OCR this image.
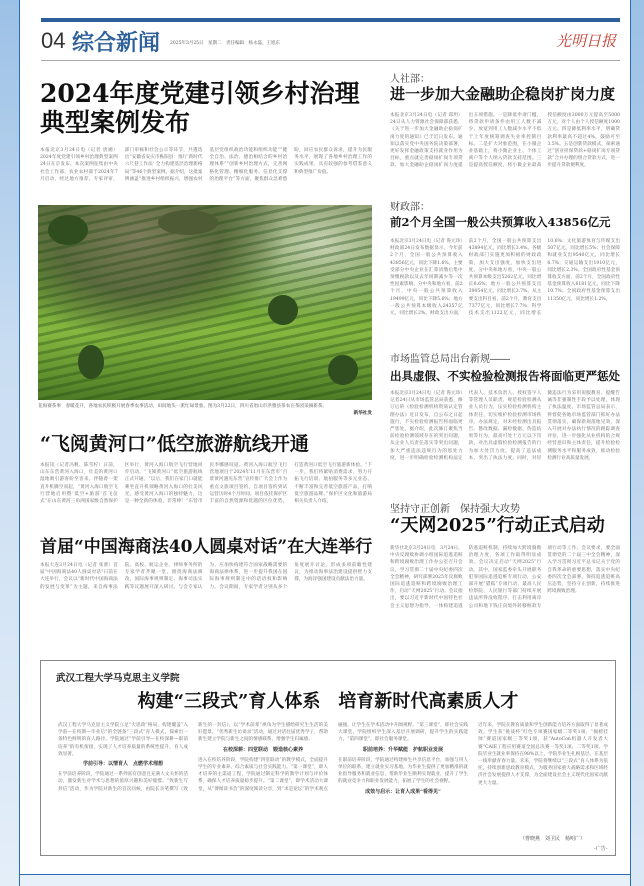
04 综合新闻 2025年3月25日　星期二　责任编辑：杨永磊、王旭东	光明日报
2024年度党建引领乡村治理
典型案例发布
本报北京3月24日电（记者 唐湘）2024年度党建引领乡村治理典型案例24日在京发布。本次案例征集由中央社会工作部、农业农村部于2024年7月启动，经过地方推荐、专家评审、部门审核和社会公示等环节，共遴选出“安徽省安庆市枞阳县：推行‘新时代六尺巷工作法’ 全力构建基层治理新格局”等46个典型案例。据介绍，这批案例涵盖“推进乡村组织振兴，增强农村基层党组织政治功能和组织功能”“健全自治、法治、德治相结合的乡村治理体系”“创新乡村治理方式，完善网格化管理、精细化服务、信息化支撑的治理平台”等方面，聚焦群众急难愁盼，回应农民群众诉求，提升为民服务水平，展现了各地乡村治理工作的实践成果，具有较强的参考借鉴意义和典型推广价值。
花海赛茶事　春暖花开，各地农民积极开展春季农事活动，田间地头一派忙碌景象。图为3月22日，四川省眉山市洪雅县茶农在茶园采摘新茶。
新华社发
“飞阅黄河口”低空旅游航线开通
本报讯（记者冯帆、陈雪柠）日前，山东东营黄河入海口，壮美的黄河口湿地吸引游客纷至沓来。伴随着一架直升机腾空而起，“黄河入海口航空飞行营地启用暨‘低空+旅游’首飞仪式”在山东黄河三角洲国家级自然保护区举行，黄河入海口航空飞行营地同步启动，“飞阅黄河口”低空旅游航线正式开通。“以后，我们在家门口就能乘坐直升机领略黄河入海口的壮美风光，感受黄河入海口的独特魅力，这是一种全新的体验，非常棒！”东营市民李娜感叹道。黄河入海口航空飞行营地项目于2024年11月在东营市“百景黄河遇见东营”宣传推广大会上作为重点文旅项目签约，自项目签约到试运营历时4个月时间。项目依托保护区丰富的自然资源和优越的区位优势，打造黄河口低空飞行旅游新体验。“下一步，我们将紧贴消费需求，努力开拓飞行培训、航拍服务等多元业态，不断丰富和完善低空旅游产品，打响低空旅游品牌。”保护区文化和旅游局相关负责人介绍。
首届“中国海商法40人圆桌对话”在大连举行
本报大连3月24日电（记者 张蕾）首届“中国海商法40人圆桌对话”日前在大连举行，会议以“新时代中国海商法的发展与变革”为主题，来自海事法院、高校、航运企业、律师事务所的专家学者齐聚一堂，围绕海商法修改、国际海事规则制定、海事司法实践等议题展开深入研讨。与会专家认为，应加快构建符合国家战略需要的海商法律体系，进一步提升我国在国际海事规则制定中的话语权和影响力。会议期间，专家学者分别从多个角度展开讨论，形成多项前瞻性建议，为推动海事法治建设提供智力支撑，为海洋强国建设贡献法治力量。
人社部：
进一步加大金融助企稳岗扩岗力度
本报北京3月24日电（记者 邱玥）24日从人力资源社会保障部获悉，《关于进一步加大金融助企稳岗扩岗力度的通知》已于近日发布。通知以落实党中央国务院决策部署，更好发挥金融政策支持就业作用为目标，重点就完善稳岗扩岗专项贷款、加大金融助企稳岗扩岗力度提出五项措施。一是降低申请门槛，将贷款申请条件由用工人数不减少，放宽到用工人数减少水平不低于上年度统筹调查失业率控制目标。二是扩大对象范围，在小微企业基础上，将小微企业主、个体工商户等个人纳入贷款支持范围。三是提高授信额度，将小微企业最高授信额度由3000万元提高至5000万元，对个人由个人授信额度1000万元。四是降低利率水平，明确贷款利率最高不超过4%，鼓励可至3.5%。五是创新贷款模式，探索通过“创业担保贷款+稳岗扩岗专项贷款”合并办理的组合贷款方式，进一步提升贷款便利度。
财政部：
前2个月全国一般公共预算收入43856亿元
本报北京3月24日电（记者 鲁元珍）财政部24日发布数据显示，今年前2个月，全国一般公共预算收入43856亿元，同比下降1.6%，主要受部分中央企业在汇算清缴后集中预缴税款以及去年同期减少等一次性因素影响。分中央和地方看，前2个月，中央一般公共预算收入19499亿元，同比下降5.6%；地方一般公共预算本级收入24357亿元，同比增长2%。财政支出方面，前2个月，全国一般公共预算支出43894亿元，同比增长3.4%。各级财政部门实施更加积极的财政政策，加大支出强度，加快支出进度。分中央和地方看，中央一般公共预算本级支出5262亿元，同比增长8.6%；地方一般公共预算支出39054亿元，同比增长3.7%。从主要支出科目看，前2个月，教育支出7377亿元，同比增长7.7%；科学技术支出1122亿元，同比增长10.6%；文化旅游体育与传媒支出507亿元，同比增长5%；社会保障和就业支出9540亿元，同比增长6.7%；交通运输支出1910亿元，同比增长2.3%。全国政府性基金预算收支方面，前2个月，全国政府性基金预算收入6181亿元，同比下降10.7%；全国政府性基金预算支出11350亿元，同比增长1.2%。
市场监管总局出台新规——
出具虚假、不实检验检测报告将面临更严惩处
本报北京3月24日电（记者 鲁元珍）记者24日从市场监管总局获悉，修订后的《检验检测机构资质认定管理办法》近日发布，自公布之日起施行，不实检验检测报告将面临更严惩处。据介绍，此次修订聚焦当前检验检测领域存在的突出问题，从企业人员责任落实等突出问题，加大严重违法违规行为的惩处力度，进一步明确检验检测机构法定代表人、技术负责人、授权签字人等管理人员职责，规范检验检测从业人员行为，压实检验检测机构主体责任，切实维护检验检测市场秩序。办法规定，对未经检测出具报告、篡改数据、漏检数据、伪造结果等行为，最高可处十万元以下罚款，对出具虚假检验检测报告的行为加大处罚力度，提高了违法成本，突出了执法力度。同时，对轻微违法行为采用说服教育、提醒告诫等非强制性手段予以处理，体现了执法温度。市场监管总局表示，将督促各地市场监管部门抓好办法贯彻落实，确保新规落地见效，深入开展对办法执行情况的跟踪调查评估，进一步强化从业机构的合规经营意识和主体责任，提升检验检测服务水平和服务成效，推动检验检测行业高质量发展。
坚持守正创新　保持强大攻势
“天网2025”行动正式启动
新华社北京3月24日电　3月24日，中央反腐败协调小组国际追逃追赃和跨境腐败治理工作办公室召开会议，学习贯彻二十届中央纪委四次全会精神，研究部署2025年反腐败国际追逃追赃和跨境腐败治理工作，启动“天网2025”行动。会议指出，要以习近平新时代中国特色社会主义思想为指导，一体构建追逃防逃追赃机制，持续加大跨境腐败治理力度，各项工作取得明显成效。会议决定启动“天网2025”行动。其中，国家监委牵头开展职务犯罪国际追逃追赃专项行动，公安部开展“猎狐”专项行动，最高人民检察院、人民银行等部门持续开展违法所得没收程序、打击利用离岸公司和地下钱庄向境外转移赃款专项行动等工作。会议要求，要全面贯彻党的二十届三中全会精神，深入学习贯彻习近平总书记关于党的自我革命的重要思想，落实中央纪委四次全会部署，保持追逃追赃高压态势，坚持守正创新，持续推进跨境腐败治理。
武汉工程大学马克思主义学院
构建“三段式”育人体系　培育新时代高素质人才
武汉工程大学马克思主义学院立足“大思政”格局，构建覆盖“入学前—在校期—毕业后”的全链条“三段式”育人模式，探索出一条特色鲜明的育人路径。学院通过“学前引导—在校深耕—职前培养”的有机衔接，实现了人才培养质量的系统性提升，育人成效显著。
学前引导：以情育人　点燃学术理想
在学前培养阶段，学院通过一系列富有创意且充满人文关怀的活动，激发新生对学术与思想的浓厚兴趣和美好憧憬。“致新生写封信”活动，作为学院对新生的首次问候，由院长亲笔撰写《致新生的一封信》，以“学术前辈”视角为学生描绘研究生生活的美好愿景。“优秀新生访谈录”活动，通过对话往届优秀学子，帮助新生建立学院与新生之间的情感联系，增强学生归属感。
在校深耕：四堂联动　锻造核心素养
进入在校培养阶段，学院构建“四堂联动”的教学模式，全面提升学生的专业素养、综合素质与社会实践能力。“第一课堂”，即人才培养的主渠道工程，学院通过制定科学的教学计划与评价体系，确保人才培养质量稳步提升。“第二课堂”，即学术活动大课堂，从“博闻读书会”的深度阅读分享，到“求是论坛”的学术观点碰撞，让学生在学术活动中开阔视野。“第三课堂”，即社会实践大课堂，学院组织学生深入基层开展调研，提升学生的实践能力。“第四课堂”，即社会服务课堂。
职前培养：升华赋能　护航职业发展
在职前培养阶段，学院通过构建师生共享信息平台，加强与用人单位的联系，建立就业实习基地，为毕业生提供了更加精准的就业指导服务和就业信息，帮助毕业生顺利实现就业，提升了学生的就业竞争力和职业发展能力，拓展了学生的社会视野。
成效与启示：让育人成果“看得见”
近年来，学院在教育质量和学生创新能力培养方面取得了显著成效。学生获“挑战杯”红色专项赛国家级二等奖1项，“揭榜挂帅”赛道国家级三等奖1项，获“AutoCon机器人开发者大赛”CAIE工程应用赛道全国总决赛一等奖1项、二等奖1项。学院毕业生就业率保持在98%以上，学院毕业生扎根基层，在基层一线奉献青春力量。未来，学院将继续以“三段式”育人体系为依托，持续创新思政教育模式，为服务国家重大战略需求和区域经济社会发展提供人才支撑，为全面建设社会主义现代化国家贡献更大力量。
（曹晓燕　刘卫民　杨明广）
-广告-
